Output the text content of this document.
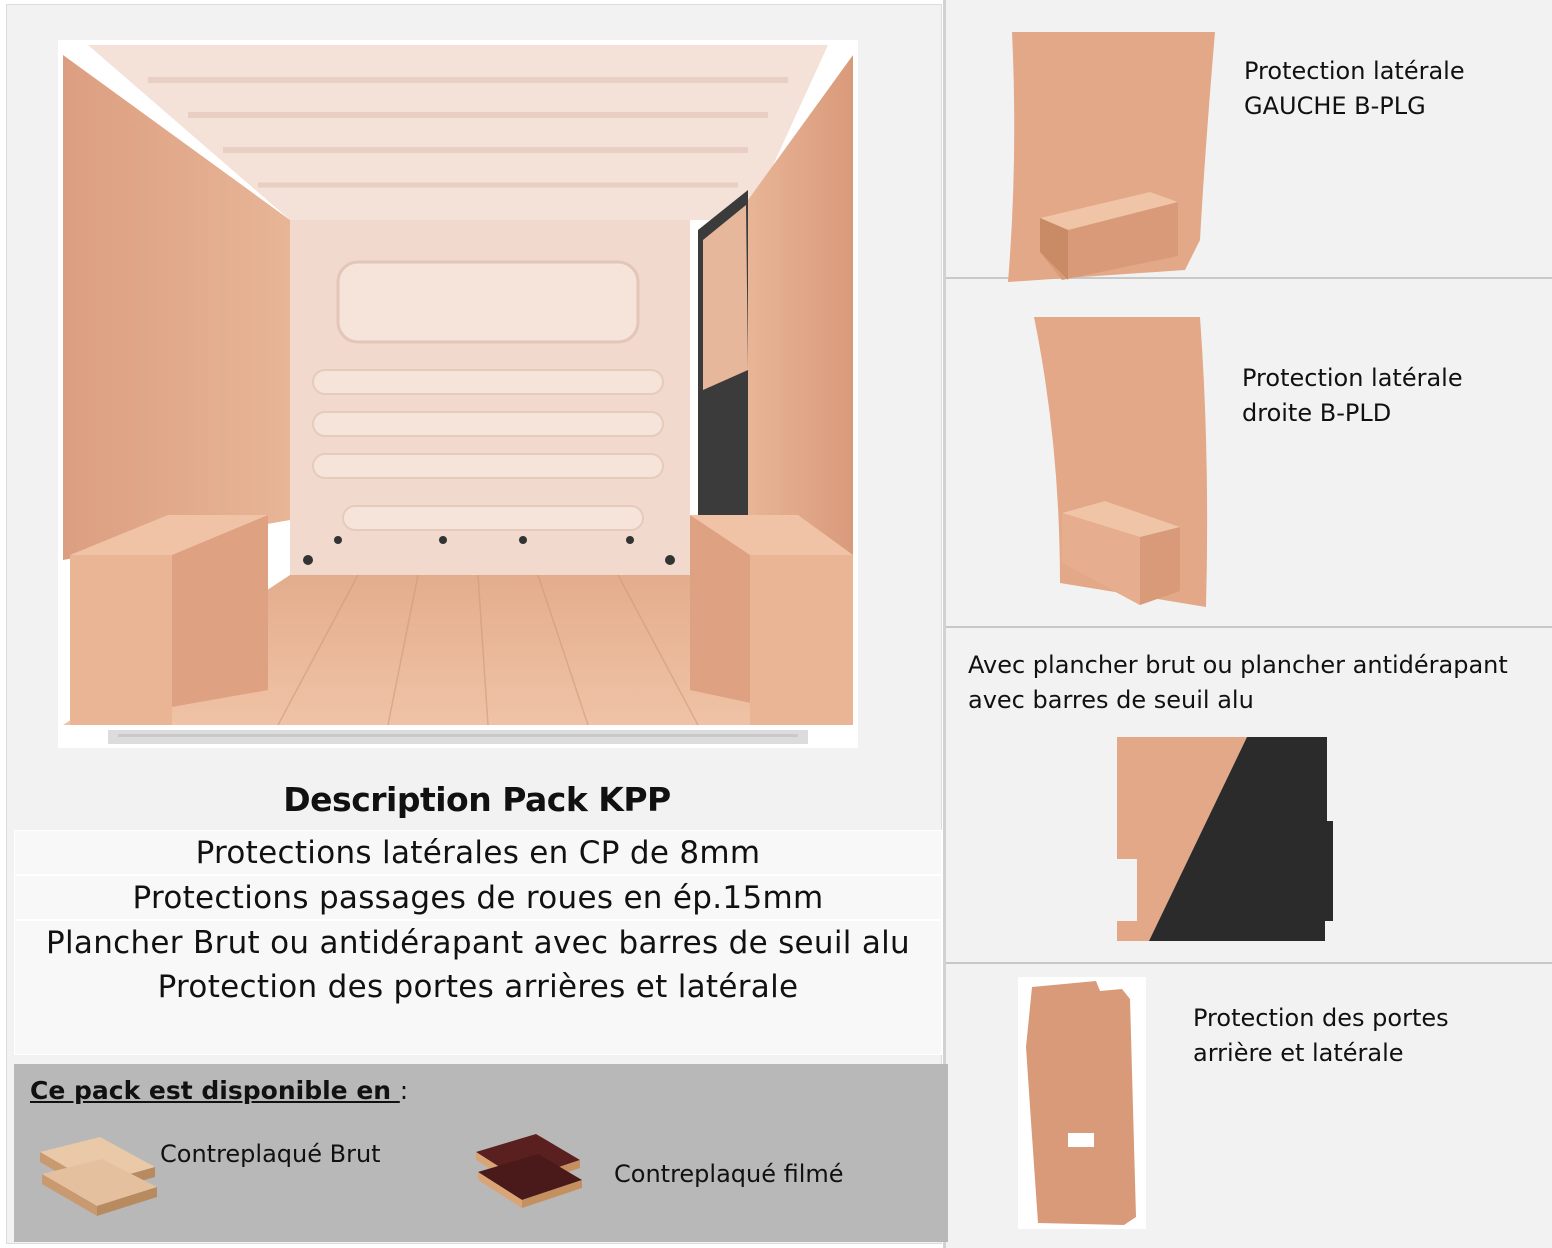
Description Pack KPP
Protections latérales en CP de 8mm
Protections passages de roues en ép.15mm
Plancher Brut ou antidérapant avec barres de seuil alu
Protection des portes arrières et latérale
Ce pack est disponible en :
Contreplaqué Brut
Contreplaqué filmé
Protection latérale
GAUCHE B-PLG
Protection latérale
droite B-PLD
Avec plancher brut ou plancher antidérapant
avec barres de seuil alu
Protection des portes
arrière et latérale
